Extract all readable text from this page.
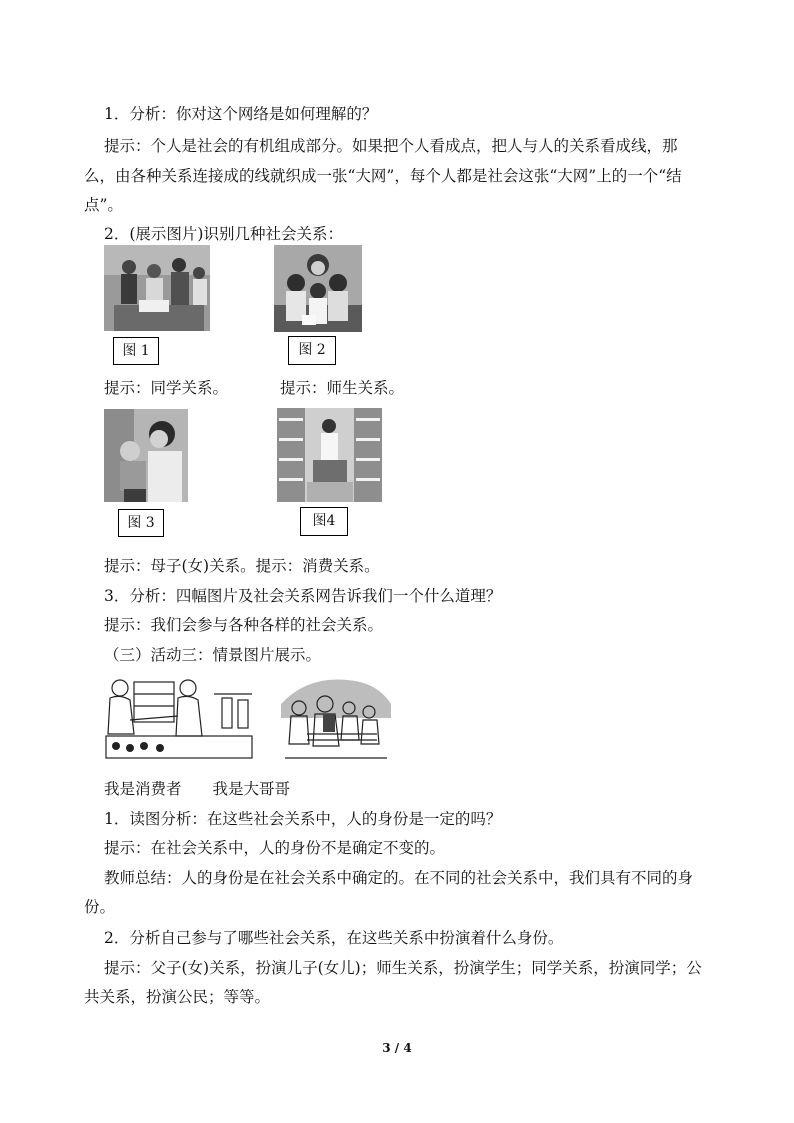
1．分析：你对这个网络是如何理解的？
提示：个人是社会的有机组成部分。如果把个人看成点，把人与人的关系看成线，那
么，由各种关系连接成的线就织成一张“大网”，每个人都是社会这张“大网”上的一个“结
点”。
2．(展示图片)识别几种社会关系：
图 1	图 2
提示：同学关系。	提示：师生关系。
图 3	图4
提示：母子(女)关系。提示：消费关系。
3．分析：四幅图片及社会关系网告诉我们一个什么道理？
提示：我们会参与各种各样的社会关系。
（三）活动三：情景图片展示。
我是消费者　　我是大哥哥
1．读图分析：在这些社会关系中，人的身份是一定的吗？
提示：在社会关系中，人的身份不是确定不变的。
教师总结：人的身份是在社会关系中确定的。在不同的社会关系中，我们具有不同的身
份。
2．分析自己参与了哪些社会关系，在这些关系中扮演着什么身份。
提示：父子(女)关系，扮演儿子(女儿)；师生关系，扮演学生；同学关系，扮演同学；公
共关系，扮演公民；等等。
3 / 4
